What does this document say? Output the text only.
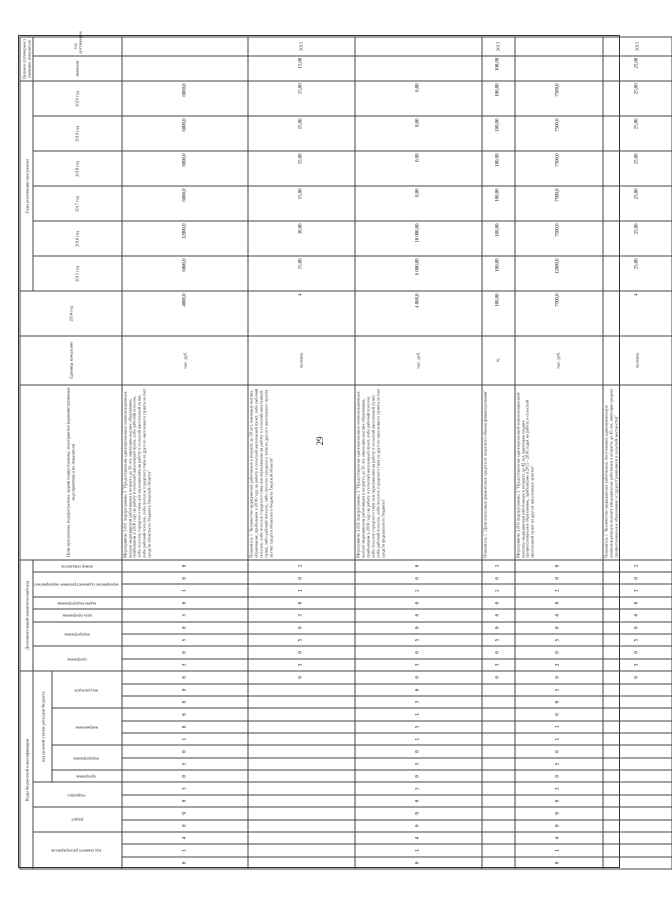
29
Коды бюджетной классификации																Дополнительный аналитический код									Цели программы, подпрограммы, задачи подпрограммы, мероприятия (административные мероприятия) и их показатели	Единица измерения	2014 год	Годы реализации программы						Целевое (суммарное) значение показателя	
код главного распорядителя			раздел		подраздел		код целевой статьи расходов бюджета									программа		подпрограмма		цель программы	задача подпрограммы	мероприятие (административное мероприятие)		номер показателя				2015 год	2016 год	2017 год	2018 год	2019 год	2020 год	значение	год достижения
							программа	подпрограмма		направление			вид расходов																						
0	1	4	0	9	0	3	0	5	0	1	8	6	8	0	0	3	0	5	0	3	0	1	0	0	Мероприятие 3.001 подпрограммы 5 "Предоставление единовременных компенсационных выплат медицинским работникам в возрасте до 50 лет, имеющим высшее образование, прибывшим в 2016 году на работу в сельский населенный пункт, либо рабочий поселок, либо поселок городского типа или переехавшим на работу в сельский населенный пункт, либо рабочий поселок, либо поселок городского типа из другого населенного пункта за счет средств областного бюджета Тверской области"	тыс. руб.	4000,0	6000,0	12000,0	6000,0	6000,0	6000,0	6000,0		
															0	3	0	5	0	3	0	1	0	1	Показатель 1 "Количество медицинских работников в возрасте до 50 лет, имеющих высшее образование, прибывших в 2016 году на работу в сельский населенный пункт, либо рабочий поселок, либо поселок городского типа или переехавших на работу в сельский населенный пункт, либо рабочий поселок, либо поселок городского типа из другого населенного пункта за счет средств областного бюджета Тверской области"	человек	4	15,00	30,00	15,00	15,00	15,00	15,00	15,00	2015
0	1	4	0	9	0	3	0	5	0	1	5	1	3	6	0	3	0	5	0	4	0	2	0	0	Мероприятие 3.002 подпрограммы 5 "Предоставление единовременных компенсационных выплат медицинским работникам в возрасте до 50 лет, имеющим высшее образование, прибывшим в 2016 году на работу в сельский населенный пункт, либо рабочий поселок, либо поселок городского типа или переехавшим на работу в сельский населенный пункт, либо рабочий поселок, либо поселок городского типа из другого населенного пункта за счет средств федерального бюджета"	тыс. руб.	4 000,0	6 000,00	18 000,00	0,00	0,00	0,00	0,00		
															0	3	0	5	0	4	0	2	0	1	Показатель 1 "Доля освоенных финансовых средств от планового объема финансирования"	%	100,00	100,00	100,00	100,00	100,00	100,00	100,00	100,00	2015
0	1	4	0	9	0	3	0	5	0	1	1	0	0	5	0	3	0	5	0	4	0	3	0	0	Мероприятие 3.003 подпрограммы 5 "Предоставление единовременной компенсационной выплаты медицинским работникам в возрасте до 45 лет, имеющим среднее профессиональное образование, прибывшим в 2015 - 2016 годах на работу в сельский населенный пункт из других населенных пунктов"	тыс. руб.	7500,0	12000,0	7500,0	7500,0	7500,0	7500,0	7500,0		
															0	3	0	5	0	4	0	3	0	1	Показатель 1 "Количество медицинских работников, получивших единовременную компенсационную выплату (медицинские работники в возрасте до 45 лет, имеющие среднее профессиональное образование и трудоустроившиеся в сельской местности)"	человек	4	25,00	25,00	25,00	25,00	25,00	25,00	25,00	2015
